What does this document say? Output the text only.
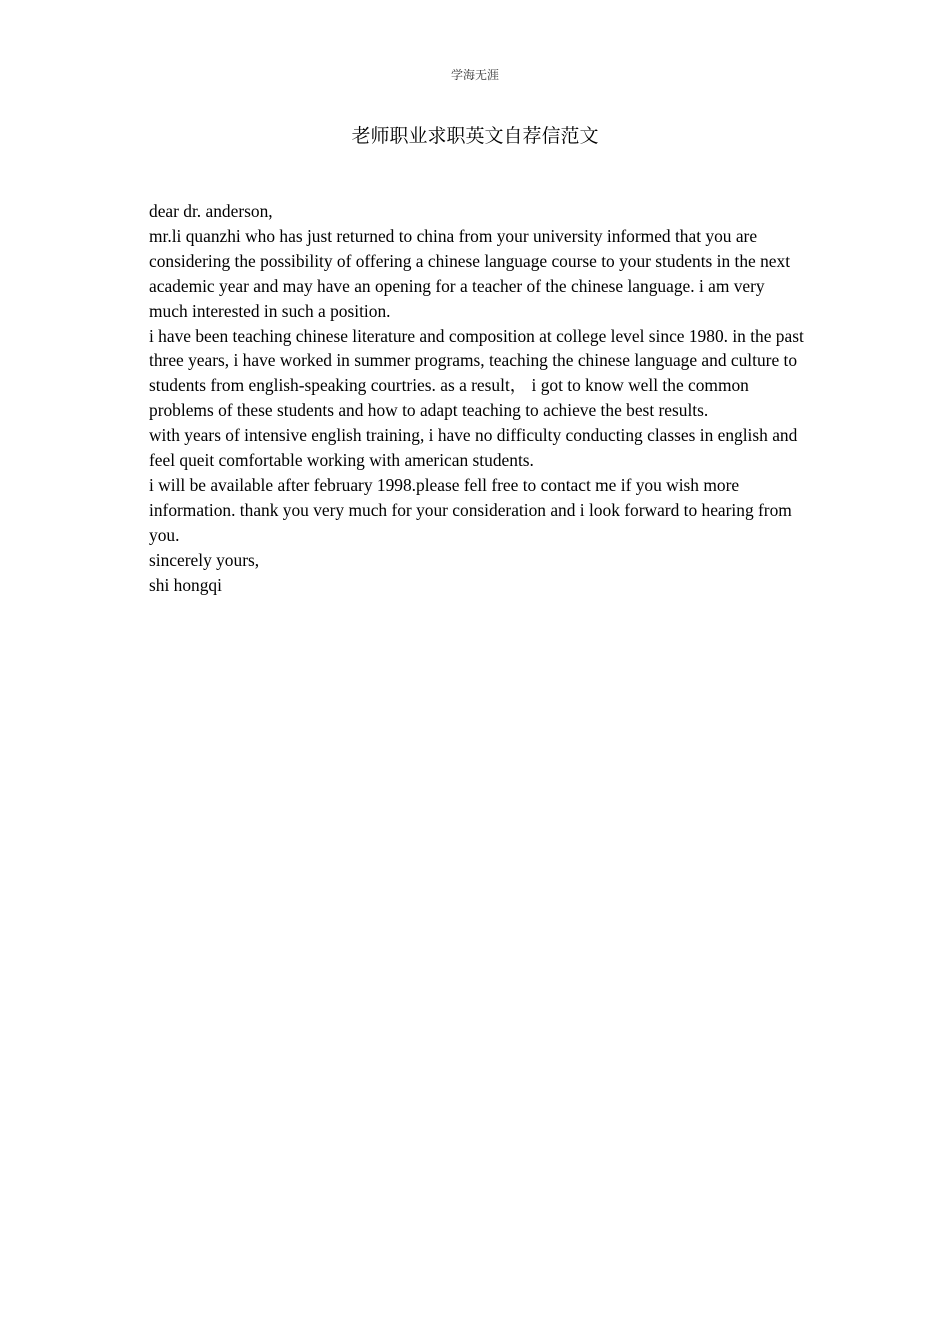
学海无涯
老师职业求职英文自荐信范文

dear dr. anderson,

mr.li quanzhi who has just returned to china from your university informed that you are considering the possibility of offering a chinese language course to your students in the next academic year and may have an opening for a teacher of the chinese language. i am very much interested in such a position.

i have been teaching chinese literature and composition at college level since 1980. in the past three years, i have worked in summer programs, teaching the chinese language and culture to students from english-speaking courtries. as a result， i got to know well the common problems of these students and how to adapt teaching to achieve the best results.

with years of intensive english training, i have no difficulty conducting classes in english and feel queit comfortable working with american students.

i will be available after february 1998.please fell free to contact me if you wish more information. thank you very much for your consideration and i look forward to hearing from you.

sincerely yours,

shi hongqi
